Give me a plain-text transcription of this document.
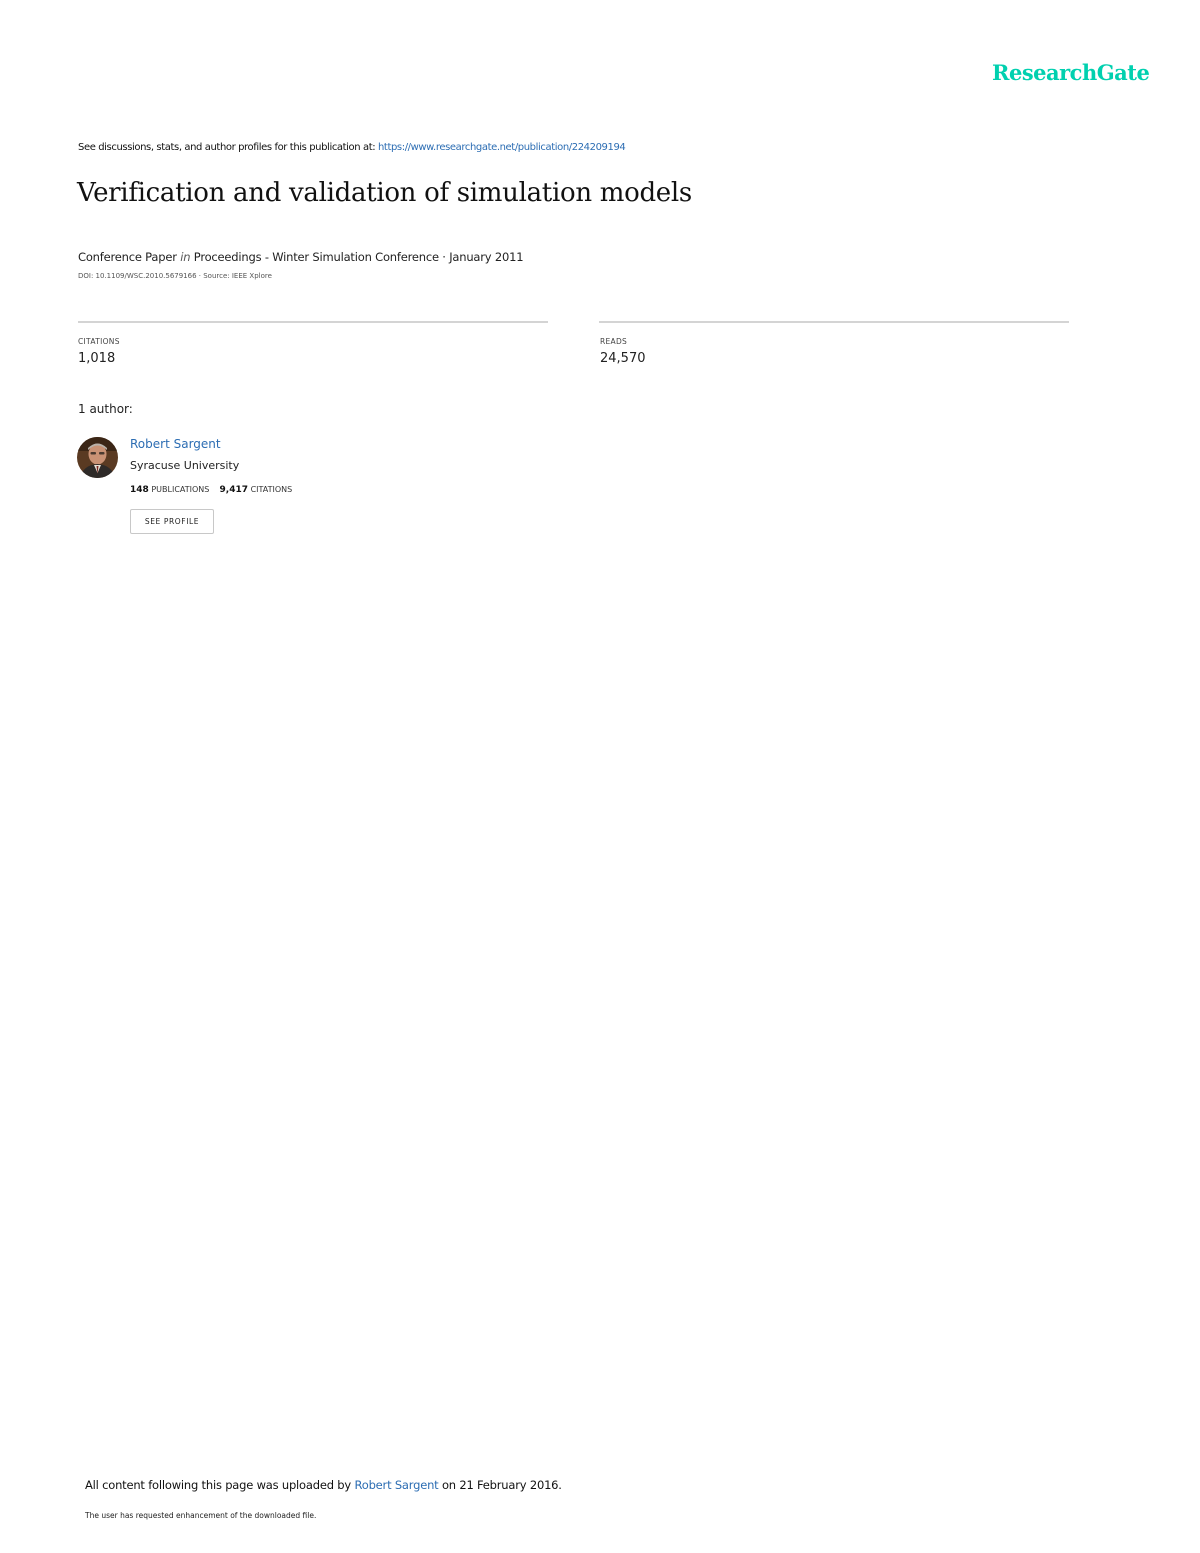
ResearchGate
See discussions, stats, and author profiles for this publication at: https://www.researchgate.net/publication/224209194
Verification and validation of simulation models
Conference Paper in Proceedings - Winter Simulation Conference · January 2011
DOI: 10.1109/WSC.2010.5679166 · Source: IEEE Xplore
CITATIONS
1,018
READS
24,570
1 author:
Robert Sargent
Syracuse University
148 PUBLICATIONS 9,417 CITATIONS
SEE PROFILE
All content following this page was uploaded by Robert Sargent on 21 February 2016.
The user has requested enhancement of the downloaded file.
